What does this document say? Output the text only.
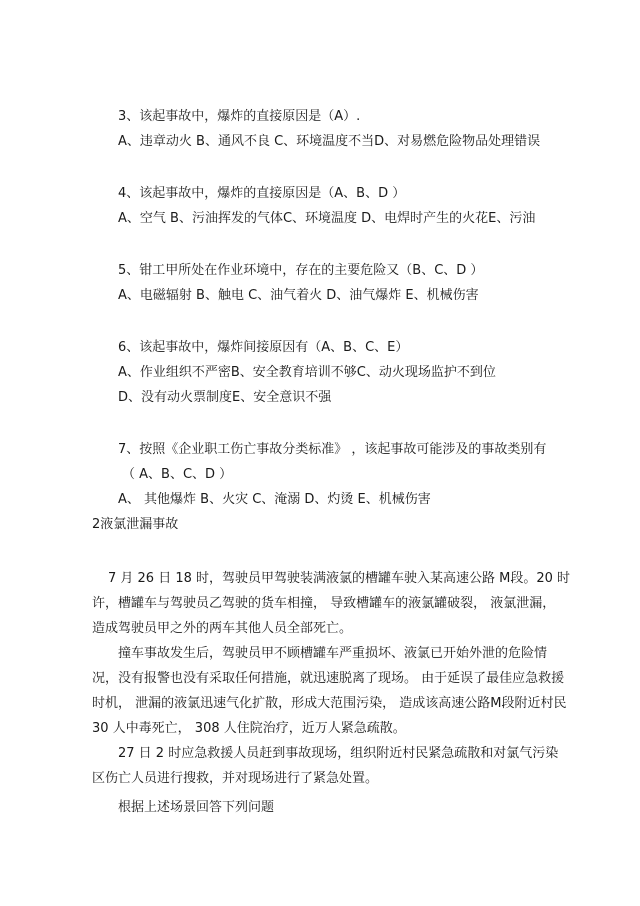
3、该起事故中，爆炸的直接原因是（A）.
A、违章动火 B、通风不良 C、环境温度不当D、对易燃危险物品处理错误
4、该起事故中，爆炸的直接原因是（A、B、D ）
A、空气 B、污油挥发的气体C、环境温度 D、电焊时产生的火花E、污油
5、钳工甲所处在作业环境中，存在的主要危险又（B、C、D ）
A、电磁辐射 B、触电 C、油气着火 D、油气爆炸 E、机械伤害
6、该起事故中，爆炸间接原因有（A、B、C、E）
A、作业组织不严密B、安全教育培训不够C、动火现场监护不到位
D、没有动火票制度E、安全意识不强
7、按照《企业职工伤亡事故分类标准》 ，该起事故可能涉及的事故类别有
（ A、B、C、D ）
A、 其他爆炸 B、火灾 C、淹溺 D、灼烫 E、机械伤害
2液氯泄漏事故
7 月 26 日 18 时，驾驶员甲驾驶装满液氯的槽罐车驶入某高速公路 M段。20 时
许，槽罐车与驾驶员乙驾驶的货车相撞， 导致槽罐车的液氯罐破裂， 液氯泄漏，
造成驾驶员甲之外的两车其他人员全部死亡。
撞车事故发生后，驾驶员甲不顾槽罐车严重损坏、液氯已开始外泄的危险情
况，没有报警也没有采取任何措施，就迅速脱离了现场。 由于延误了最佳应急救援
时机， 泄漏的液氯迅速气化扩散，形成大范围污染， 造成该高速公路M段附近村民
30 人中毒死亡， 308 人住院治疗，近万人紧急疏散。
27 日 2 时应急救援人员赶到事故现场，组织附近村民紧急疏散和对氯气污染
区伤亡人员进行搜救，并对现场进行了紧急处置。
根据上述场景回答下列问题
